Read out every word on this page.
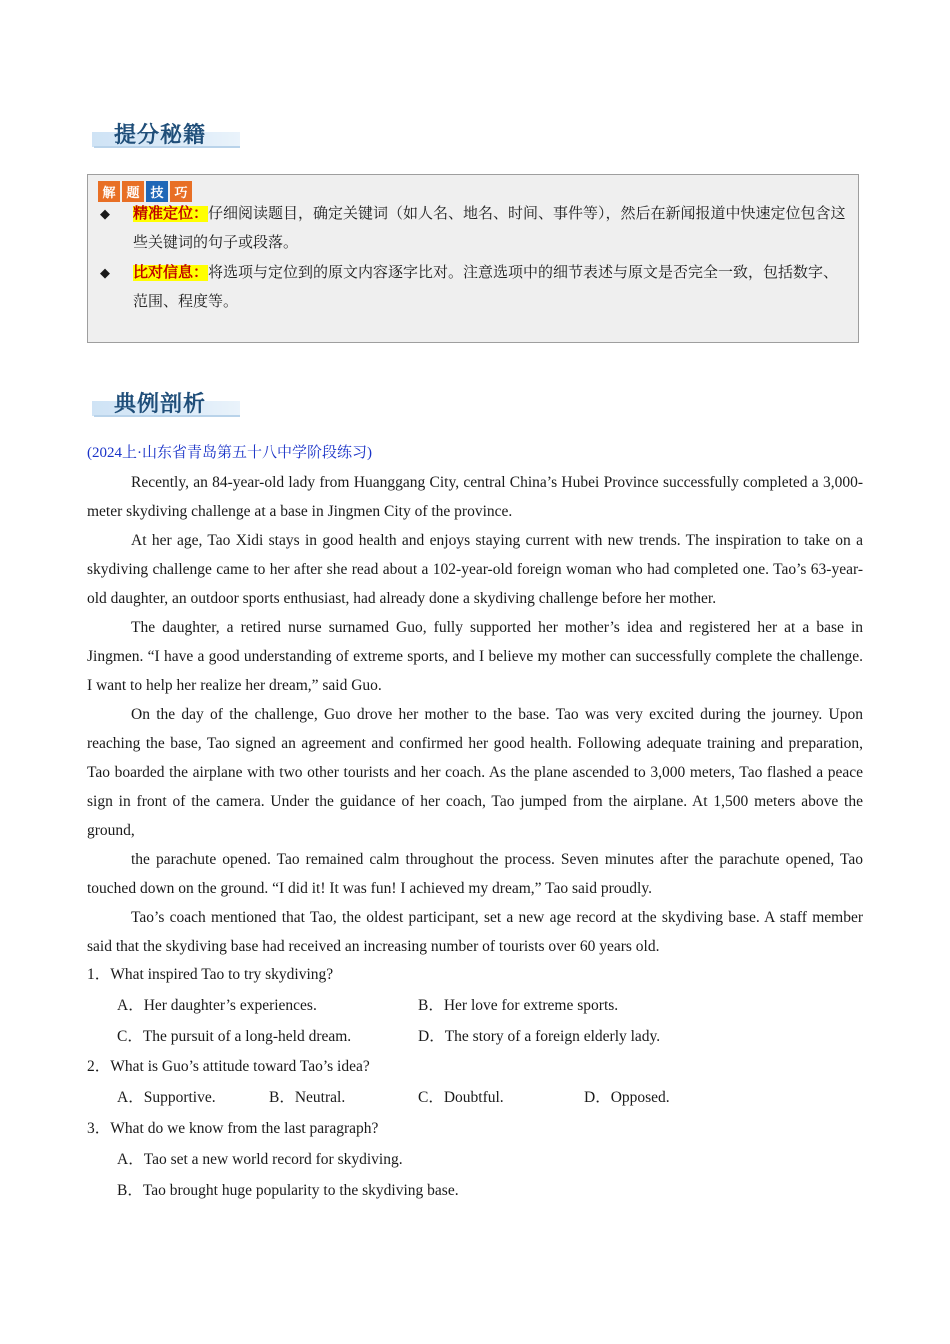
提分秘籍
解 题 技 巧
◆ 精准定位：仔细阅读题目，确定关键词（如人名、地名、时间、事件等），然后在新闻报道中快速定位包含这些关键词的句子或段落。
◆ 比对信息：将选项与定位到的原文内容逐字比对。注意选项中的细节表述与原文是否完全一致，包括数字、范围、程度等。
典例剖析
(2024上·山东省青岛第五十八中学阶段练习)

Recently, an 84-year-old lady from Huanggang City, central China’s Hubei Province successfully completed a 3,000-meter skydiving challenge at a base in Jingmen City of the province.

At her age, Tao Xidi stays in good health and enjoys staying current with new trends. The inspiration to take on a skydiving challenge came to her after she read about a 102-year-old foreign woman who had completed one. Tao’s 63-year-old daughter, an outdoor sports enthusiast, had already done a skydiving challenge before her mother.

The daughter, a retired nurse surnamed Guo, fully supported her mother’s idea and registered her at a base in Jingmen. “I have a good understanding of extreme sports, and I believe my mother can successfully complete the challenge. I want to help her realize her dream,” said Guo.

On the day of the challenge, Guo drove her mother to the base. Tao was very excited during the journey. Upon reaching the base, Tao signed an agreement and confirmed her good health. Following adequate training and preparation, Tao boarded the airplane with two other tourists and her coach. As the plane ascended to 3,000 meters, Tao flashed a peace sign in front of the camera. Under the guidance of her coach, Tao jumped from the airplane. At 1,500 meters above the ground,

the parachute opened. Tao remained calm throughout the process. Seven minutes after the parachute opened, Tao touched down on the ground. “I did it! It was fun! I achieved my dream,” Tao said proudly.

Tao’s coach mentioned that Tao, the oldest participant, set a new age record at the skydiving base. A staff member said that the skydiving base had received an increasing number of tourists over 60 years old.

1．What inspired Tao to try skydiving?
A．Her daughter’s experiences.	B．Her love for extreme sports.
C．The pursuit of a long-held dream.	D．The story of a foreign elderly lady.
2．What is Guo’s attitude toward Tao’s idea?
A．Supportive.	B．Neutral.	C．Doubtful.	D．Opposed.
3．What do we know from the last paragraph?
A．Tao set a new world record for skydiving.
B．Tao brought huge popularity to the skydiving base.
